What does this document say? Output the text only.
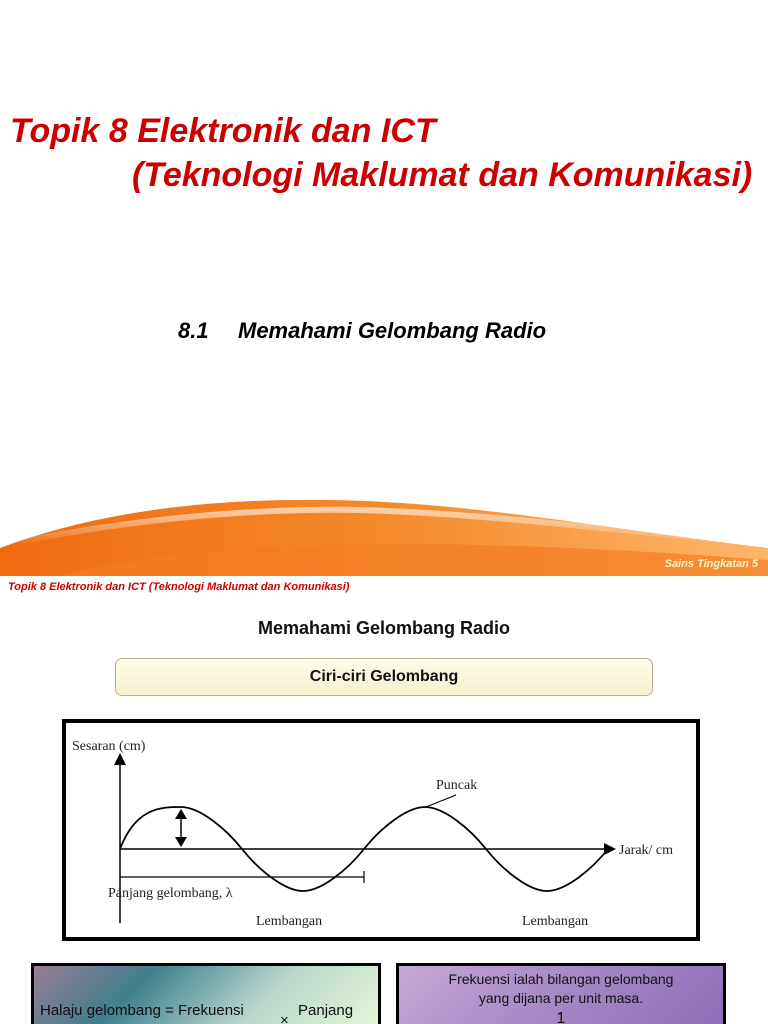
Topik 8 Elektronik dan ICT
(Teknologi Maklumat dan Komunikasi)
8.1 Memahami Gelombang Radio
Sains Tingkatan 5
Topik 8 Elektronik dan ICT (Teknologi Maklumat dan Komunikasi)
Memahami Gelombang Radio
Ciri-ciri Gelombang
Sesaran (cm)
Jarak/ cm
Panjang gelombang, λ
Puncak
Lembangan	Lembangan
Halaju gelombang = Frekuensi
×
Panjang
Frekuensi ialah bilangan gelombang
yang dijana per unit masa.
1
